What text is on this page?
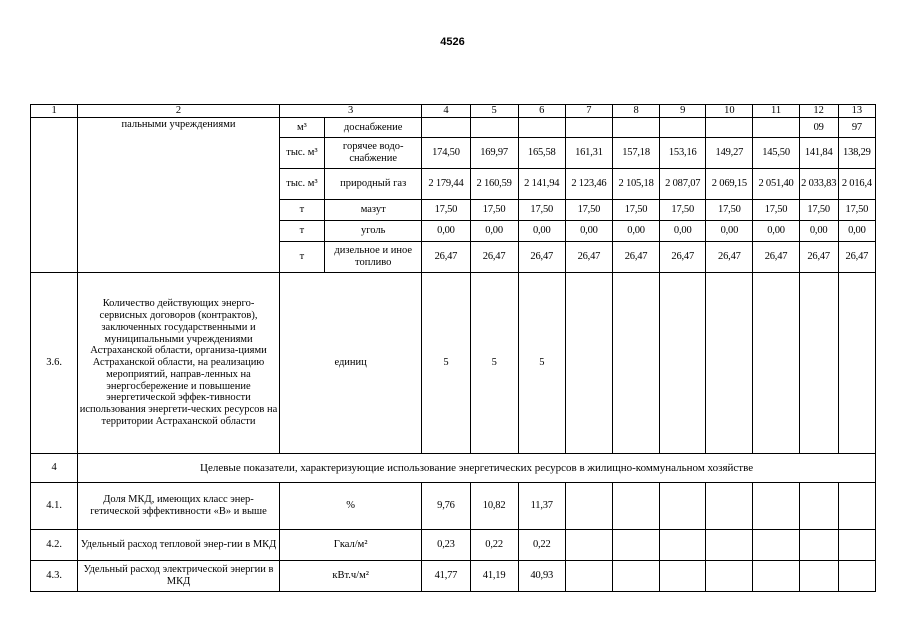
4526
1	2	3		4	5	6	7	8	9	10	11	12	13
	пальными учреждениями	м³	доснабжение									09	97
		тыс. м³	горячее водо-снабжение	174,50	169,97	165,58	161,31	157,18	153,16	149,27	145,50	141,84	138,29
		тыс. м³	природный газ	2 179,44	2 160,59	2 141,94	2 123,46	2 105,18	2 087,07	2 069,15	2 051,40	2 033,83	2 016,4
		т	мазут	17,50	17,50	17,50	17,50	17,50	17,50	17,50	17,50	17,50	17,50
		т	уголь	0,00	0,00	0,00	0,00	0,00	0,00	0,00	0,00	0,00	0,00
		т	дизельное и иное топливо	26,47	26,47	26,47	26,47	26,47	26,47	26,47	26,47	26,47	26,47
3.6.	Количество действующих энерго-сервисных договоров (контрактов), заключенных государственными и муниципальными учреждениями Астраханской области, организа-циями Астраханской области, на реализацию мероприятий, направ-ленных на энергосбережение и повышение энергетической эффек-тивности использования энергети-ческих ресурсов на территории Астраханской области	единиц		5	5	5							
4	Целевые показатели, характеризующие использование энергетических ресурсов в жилищно-коммунальном хозяйстве												
4.1.	Доля МКД, имеющих класс энер-гетической эффективности «В» и выше	%		9,76	10,82	11,37							
4.2.	Удельный расход тепловой энер-гии в МКД	Гкал/м²		0,23	0,22	0,22							
4.3.	Удельный расход электрической энергии в МКД	кВт.ч/м²		41,77	41,19	40,93							
